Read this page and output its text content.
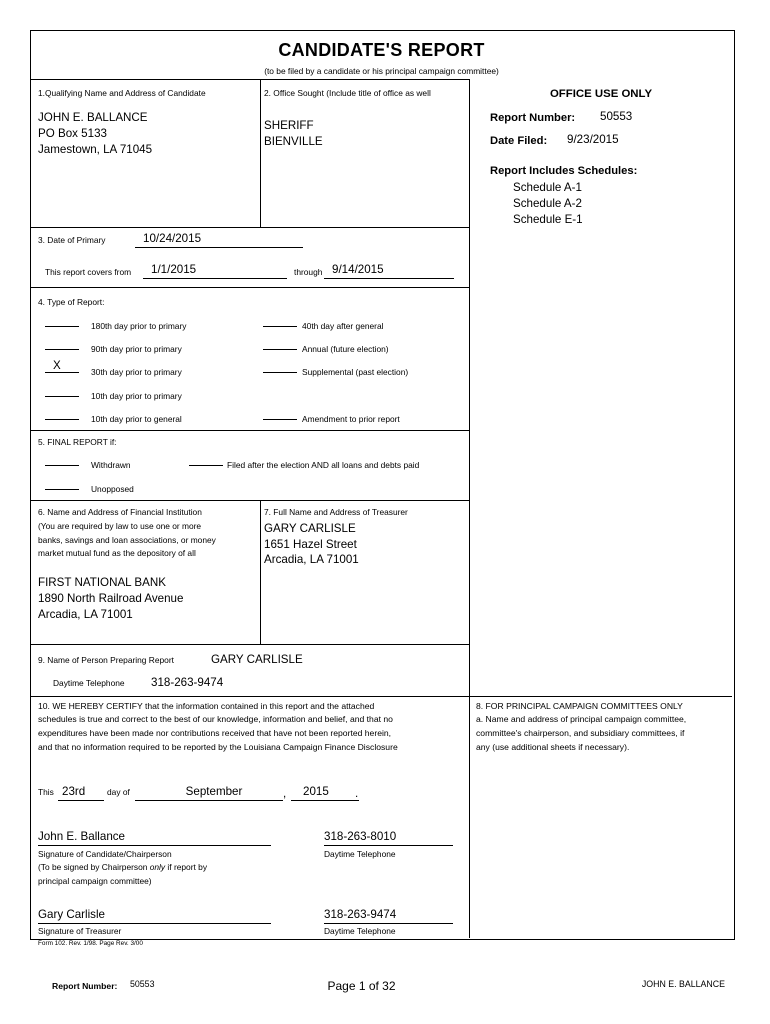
CANDIDATE'S REPORT
(to be filed by a candidate or his principal campaign committee)
1.Qualifying Name and Address of Candidate
JOHN E. BALLANCE
PO Box 5133
Jamestown, LA 71045
2. Office Sought (Include title of office as well
SHERIFF
BIENVILLE
OFFICE USE ONLY
Report Number: 50553
Date Filed: 9/23/2015
Report Includes Schedules:
Schedule A-1
Schedule A-2
Schedule E-1
3. Date of Primary	10/24/2015
This report covers from	1/1/2015	through 9/14/2015
4. Type of Report:
180th day prior to primary
90th day prior to primary
X	30th day prior to primary
10th day prior to primary
10th day prior to general
40th day after general
Annual (future election)
Supplemental (past election)
Amendment to prior report
5. FINAL REPORT if:
Withdrawn	Filed after the election AND all loans and debts paid
Unopposed
6. Name and Address of Financial Institution
(You are required by law to use one or more
banks, savings and loan associations, or money
market mutual fund as the depository of all
FIRST NATIONAL BANK
1890 North Railroad Avenue
Arcadia, LA 71001
7. Full Name and Address of Treasurer
GARY CARLISLE
1651 Hazel Street
Arcadia, LA 71001
9. Name of Person Preparing Report	GARY CARLISLE
Daytime Telephone 318-263-9474
10. WE HEREBY CERTIFY that the information contained in this report and the attached
schedules is true and correct to the best of our knowledge, information and belief, and that no
expenditures have been made nor contributions received that have not been reported herein,
and that no information required to be reported by the Louisiana Campaign Finance Disclosure
This 23rd	day of	September	,	2015	.
John E. Ballance
Signature of Candidate/Chairperson
(To be signed by Chairperson only if report by
principal campaign committee)
318-263-8010
Daytime Telephone
Gary Carlisle
Signature of Treasurer
318-263-9474
Daytime Telephone
8. FOR PRINCIPAL CAMPAIGN COMMITTEES ONLY
a. Name and address of principal campaign committee,
committee's chairperson, and subsidiary committees, if
any (use additional sheets if necessary).
Form 102. Rev. 1/98. Page Rev. 3/00
Report Number: 50553	Page 1 of 32	JOHN E. BALLANCE
